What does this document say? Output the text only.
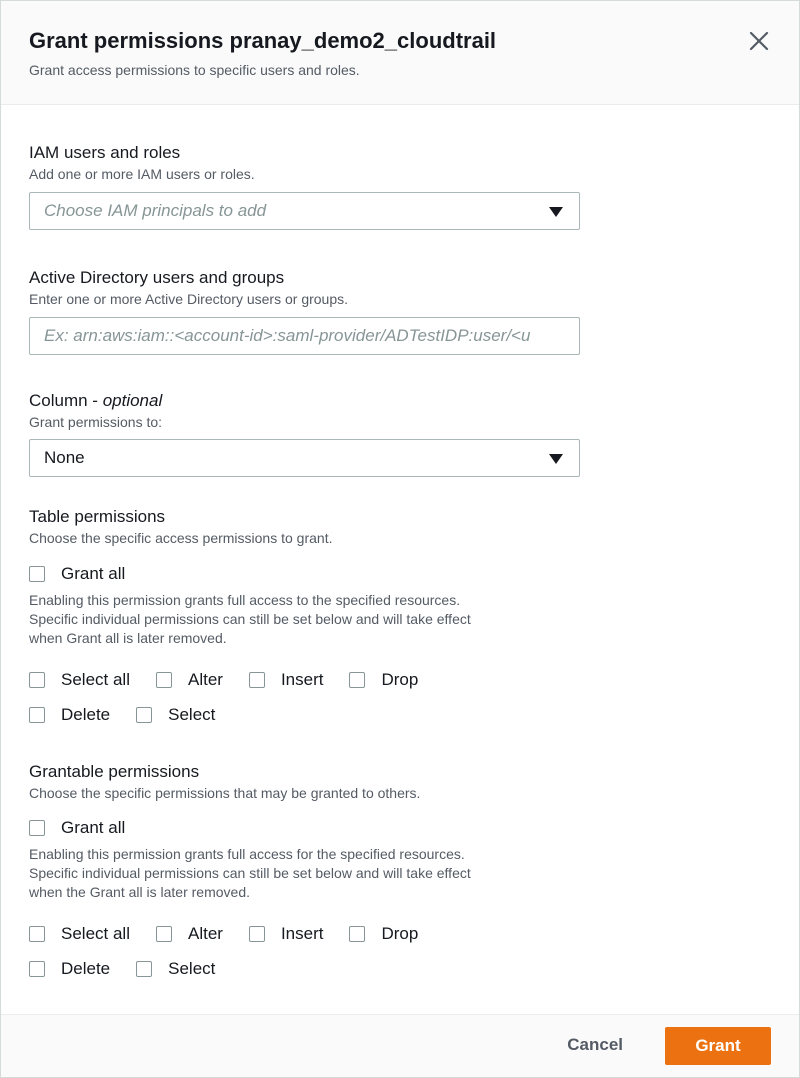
Grant permissions pranay_demo2_cloudtrail
Grant access permissions to specific users and roles.
IAM users and roles
Add one or more IAM users or roles.
Choose IAM principals to add
Active Directory users and groups
Enter one or more Active Directory users or groups.
Ex: arn:aws:iam::<account-id>:saml-provider/ADTestIDP:user/<u
Column - optional
Grant permissions to:
None
Table permissions
Choose the specific access permissions to grant.
Grant all
Enabling this permission grants full access to the specified resources.
Specific individual permissions can still be set below and will take effect
when Grant all is later removed.
Select all	Alter	Insert	Drop
Delete	Select
Grantable permissions
Choose the specific permissions that may be granted to others.
Grant all
Enabling this permission grants full access for the specified resources.
Specific individual permissions can still be set below and will take effect
when the Grant all is later removed.
Select all	Alter	Insert	Drop
Delete	Select
Cancel	Grant
